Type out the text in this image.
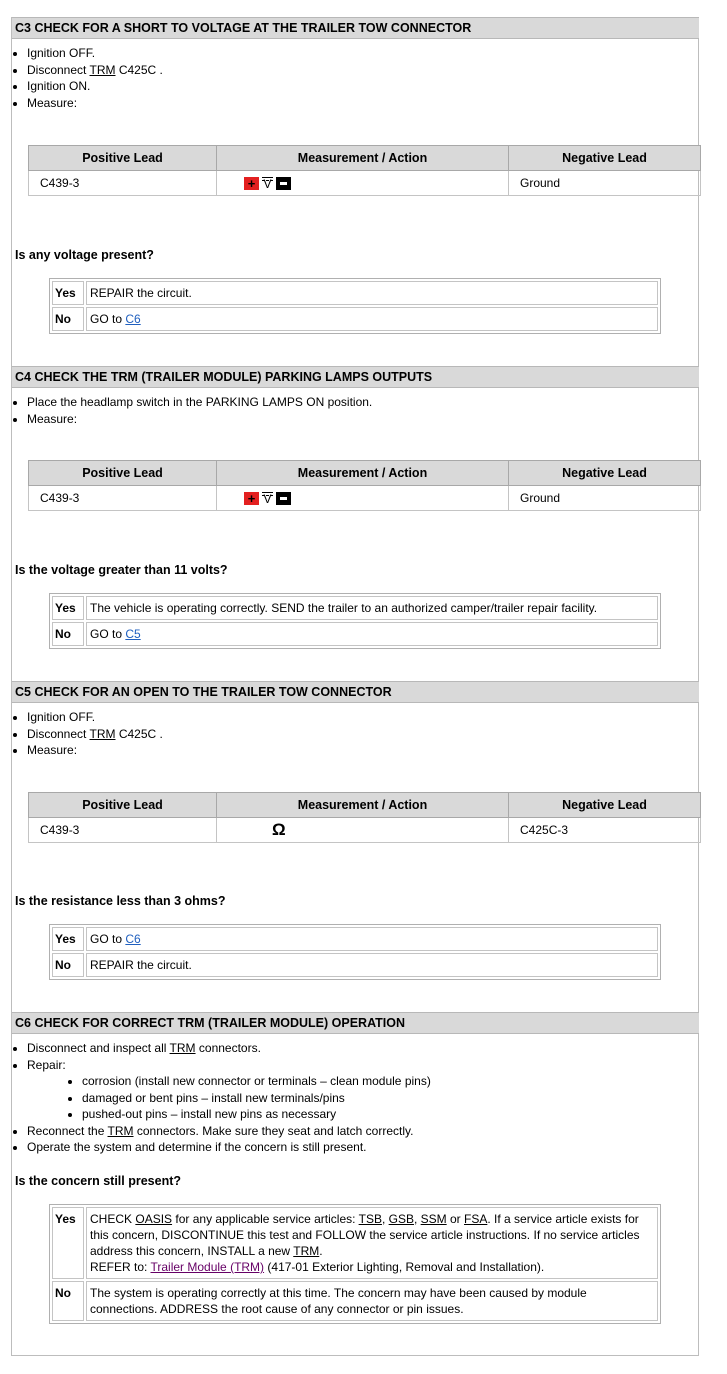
C3 CHECK FOR A SHORT TO VOLTAGE AT THE TRAILER TOW CONNECTOR
Ignition OFF.
Disconnect TRM C425C .
Ignition ON.
Measure:
Positive Lead	Measurement / Action	Negative Lead
C439-3	+ V	Ground
Is any voltage present?
Yes	REPAIR the circuit.
No	GO to C6
C4 CHECK THE TRM (TRAILER MODULE) PARKING LAMPS OUTPUTS
Place the headlamp switch in the PARKING LAMPS ON position.
Measure:
Positive Lead	Measurement / Action	Negative Lead
C439-3	+ V	Ground
Is the voltage greater than 11 volts?
Yes	The vehicle is operating correctly. SEND the trailer to an authorized camper/trailer repair facility.
No	GO to C5
C5 CHECK FOR AN OPEN TO THE TRAILER TOW CONNECTOR
Ignition OFF.
Disconnect TRM C425C .
Measure:
Positive Lead	Measurement / Action	Negative Lead
C439-3	Ω	C425C-3
Is the resistance less than 3 ohms?
Yes	GO to C6
No	REPAIR the circuit.
C6 CHECK FOR CORRECT TRM (TRAILER MODULE) OPERATION
Disconnect and inspect all TRM connectors.
Repair:
corrosion (install new connector or terminals – clean module pins)
damaged or bent pins – install new terminals/pins
pushed-out pins – install new pins as necessary
Reconnect the TRM connectors. Make sure they seat and latch correctly.
Operate the system and determine if the concern is still present.
Is the concern still present?
Yes	CHECK OASIS for any applicable service articles: TSB, GSB, SSM or FSA. If a service article exists for this concern, DISCONTINUE this test and FOLLOW the service article instructions. If no service articles address this concern, INSTALL a new TRM.
REFER to: Trailer Module (TRM) (417-01 Exterior Lighting, Removal and Installation).
No	The system is operating correctly at this time. The concern may have been caused by module connections. ADDRESS the root cause of any connector or pin issues.
